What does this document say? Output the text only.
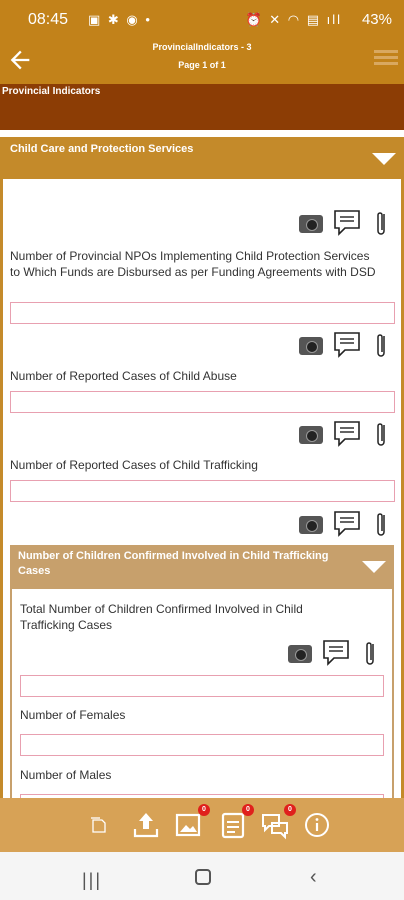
08:45 ▣ ✱ ◉ •	⏰ ✕ ◠ ▤ ıll 43%
ProvincialIndicators - 3
Page 1 of 1
Provincial Indicators
Child Care and Protection Services
Number of Provincial NPOs Implementing Child Protection Services to Which Funds are Disbursed as per Funding Agreements with DSD
Number of Reported Cases of Child Abuse
Number of Reported Cases of Child Trafficking
Number of Children Confirmed Involved in Child Trafficking Cases
Total Number of Children Confirmed Involved in Child Trafficking Cases
Number of Females
Number of Males
0	0	0
|||	‹
